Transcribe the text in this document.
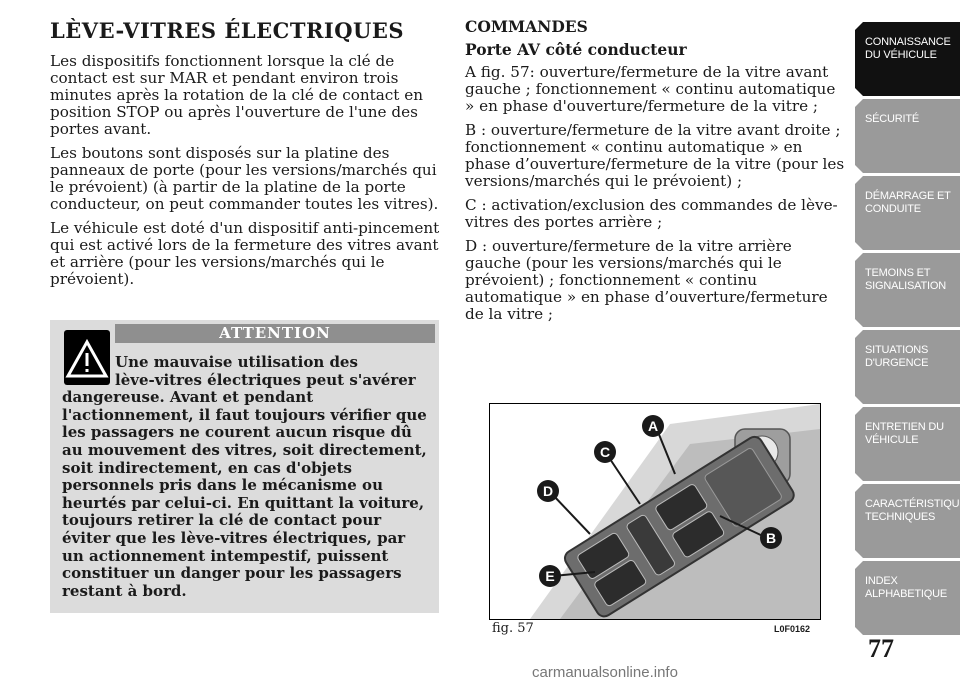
LÈVE-VITRES ÉLECTRIQUES

Les dispositifs fonctionnent lorsque la clé de contact est sur MAR et pendant environ trois minutes après la rotation de la clé de contact en position STOP ou après l'ouverture de l'une des portes avant.

Les boutons sont disposés sur la platine des panneaux de porte (pour les versions/marchés qui le prévoient) (à partir de la platine de la porte conducteur, on peut commander toutes les vitres).

Le véhicule est doté d'un dispositif anti-pincement qui est activé lors de la fermeture des vitres avant et arrière (pour les versions/marchés qui le prévoient).

ATTENTION
Une mauvaise utilisation des
lève-vitres électriques peut s'avérer
dangereuse. Avant et pendant l'actionnement, il faut toujours vérifier que les passagers ne courent aucun risque dû au mouvement des vitres, soit directement, soit indirectement, en cas d'objets personnels pris dans le mécanisme ou heurtés par celui-ci. En quittant la voiture, toujours retirer la clé de contact pour éviter que les lève-vitres électriques, par un actionnement intempestif, puissent constituer un danger pour les passagers restant à bord.

COMMANDES

Porte AV côté conducteur

A fig. 57: ouverture/fermeture de la vitre avant gauche ; fonctionnement « continu automatique » en phase d'ouverture/fermeture de la vitre ;

B : ouverture/fermeture de la vitre avant droite ; fonctionnement « continu automatique » en phase d’ouverture/fermeture de la vitre (pour les versions/marchés qui le prévoient) ;

C : activation/exclusion des commandes de lève-vitres des portes arrière ;

D : ouverture/fermeture de la vitre arrière gauche (pour les versions/marchés qui le prévoient) ; fonctionnement « continu automatique » en phase d’ouverture/fermeture de la vitre ;

A
C
D
E
B
fig. 57	L0F0162
CONNAISSANCE DU VÉHICULE
SÉCURITÉ
DÉMARRAGE ET CONDUITE
TEMOINS ET SIGNALISATION
SITUATIONS D'URGENCE
ENTRETIEN DU VÉHICULE
CARACTÉRISTIQUES TECHNIQUES
INDEX ALPHABETIQUE
77
carmanualsonline.info
